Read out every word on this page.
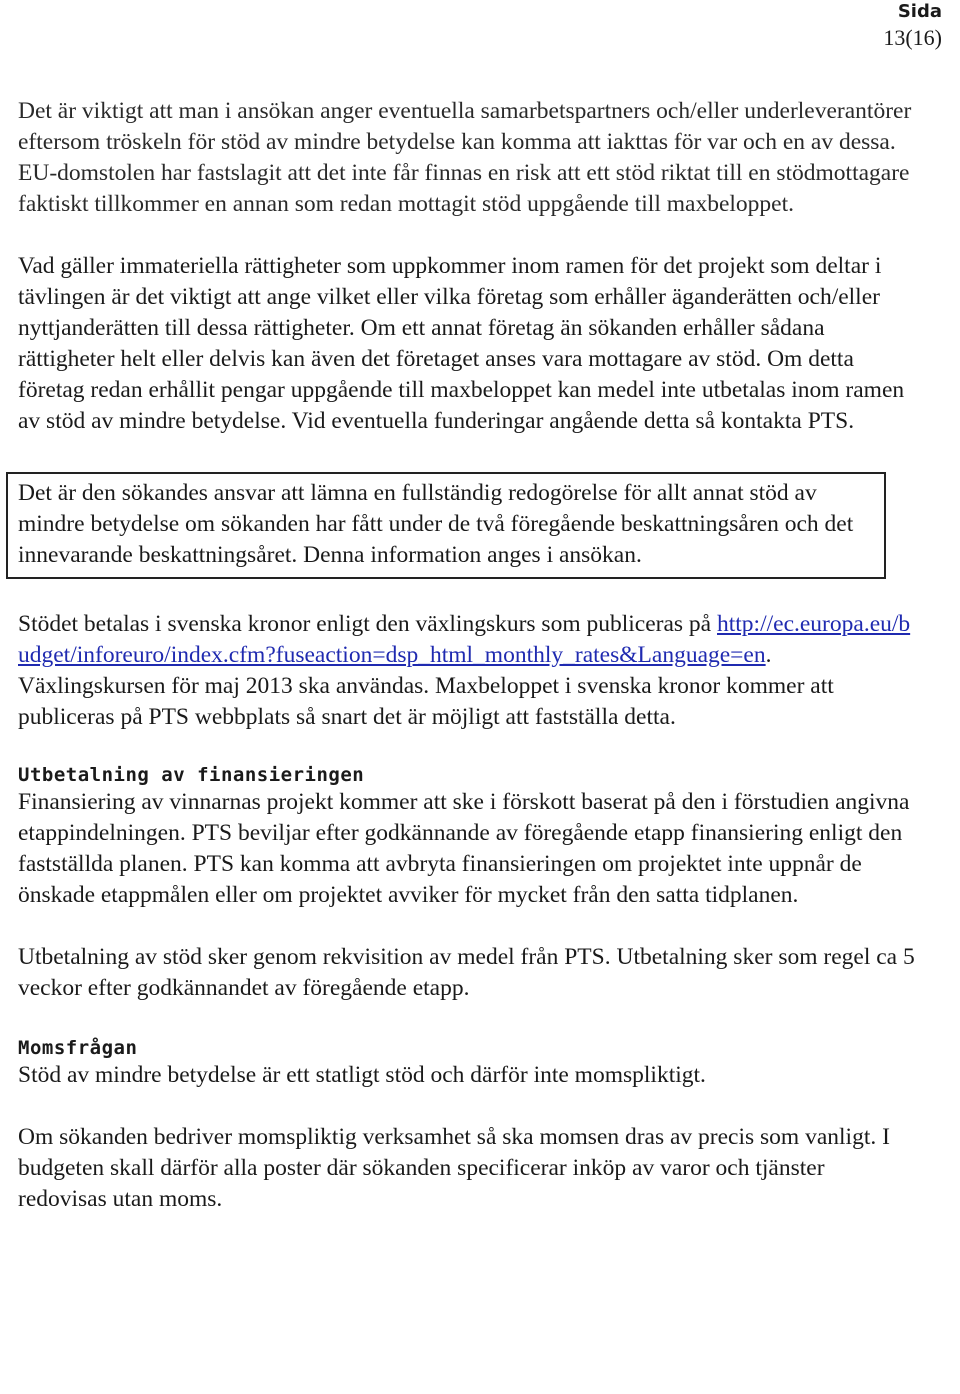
Sida
13(16)

Det är viktigt att man i ansökan anger eventuella samarbetspartners och/eller underleverantörer eftersom tröskeln för stöd av mindre betydelse kan komma att iakttas för var och en av dessa. EU-domstolen har fastslagit att det inte får finnas en risk att ett stöd riktat till en stödmottagare faktiskt tillkommer en annan som redan mottagit stöd uppgående till maxbeloppet.

Vad gäller immateriella rättigheter som uppkommer inom ramen för det projekt som deltar i tävlingen är det viktigt att ange vilket eller vilka företag som erhåller äganderätten och/eller nyttjanderätten till dessa rättigheter. Om ett annat företag än sökanden erhåller sådana rättigheter helt eller delvis kan även det företaget anses vara mottagare av stöd. Om detta företag redan erhållit pengar uppgående till maxbeloppet kan medel inte utbetalas inom ramen av stöd av mindre betydelse. Vid eventuella funderingar angående detta så kontakta PTS.

Det är den sökandes ansvar att lämna en fullständig redogörelse för allt annat stöd av mindre betydelse om sökanden har fått under de två föregående beskattningsåren och det innevarande beskattningsåret. Denna information anges i ansökan.

Stödet betalas i svenska kronor enligt den växlingskurs som publiceras på http://ec.europa.eu/budget/inforeuro/index.cfm?fuseaction=dsp_html_monthly_rates&Language=en. Växlingskursen för maj 2013 ska användas. Maxbeloppet i svenska kronor kommer att publiceras på PTS webbplats så snart det är möjligt att fastställa detta.

Utbetalning av finansieringen

Finansiering av vinnarnas projekt kommer att ske i förskott baserat på den i förstudien angivna etappindelningen. PTS beviljar efter godkännande av föregående etapp finansiering enligt den fastställda planen. PTS kan komma att avbryta finansieringen om projektet inte uppnår de önskade etappmålen eller om projektet avviker för mycket från den satta tidplanen.

Utbetalning av stöd sker genom rekvisition av medel från PTS. Utbetalning sker som regel ca 5 veckor efter godkännandet av föregående etapp.

Momsfrågan

Stöd av mindre betydelse är ett statligt stöd och därför inte momspliktigt.

Om sökanden bedriver momspliktig verksamhet så ska momsen dras av precis som vanligt. I budgeten skall därför alla poster där sökanden specificerar inköp av varor och tjänster redovisas utan moms.
